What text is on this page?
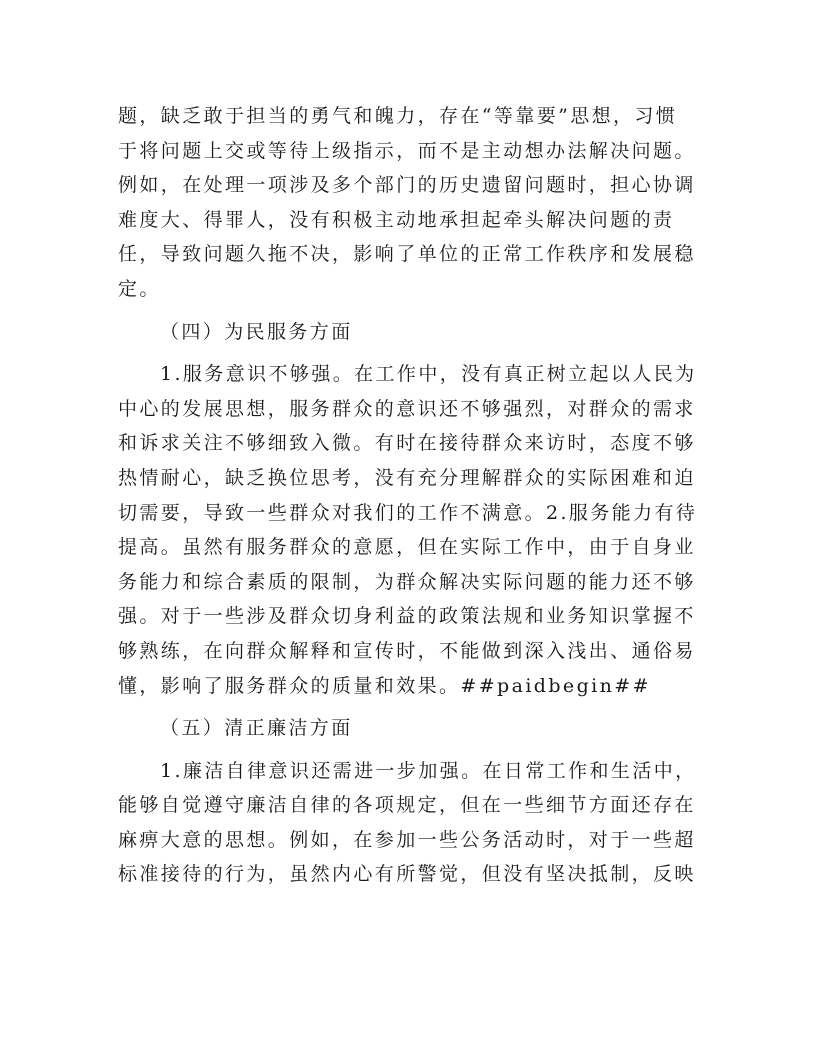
题，缺乏敢于担当的勇气和魄力，存在“等靠要”思想，习惯

于将问题上交或等待上级指示，而不是主动想办法解决问题。

例如，在处理一项涉及多个部门的历史遗留问题时，担心协调

难度大、得罪人，没有积极主动地承担起牵头解决问题的责

任，导致问题久拖不决，影响了单位的正常工作秩序和发展稳

定。

（四）为民服务方面

1.服务意识不够强。在工作中，没有真正树立起以人民为

中心的发展思想，服务群众的意识还不够强烈，对群众的需求

和诉求关注不够细致入微。有时在接待群众来访时，态度不够

热情耐心，缺乏换位思考，没有充分理解群众的实际困难和迫

切需要，导致一些群众对我们的工作不满意。2.服务能力有待

提高。虽然有服务群众的意愿，但在实际工作中，由于自身业

务能力和综合素质的限制，为群众解决实际问题的能力还不够

强。对于一些涉及群众切身利益的政策法规和业务知识掌握不

够熟练，在向群众解释和宣传时，不能做到深入浅出、通俗易

懂，影响了服务群众的质量和效果。##paidbegin##

（五）清正廉洁方面

1.廉洁自律意识还需进一步加强。在日常工作和生活中，

能够自觉遵守廉洁自律的各项规定，但在一些细节方面还存在

麻痹大意的思想。例如，在参加一些公务活动时，对于一些超

标准接待的行为，虽然内心有所警觉，但没有坚决抵制，反映
